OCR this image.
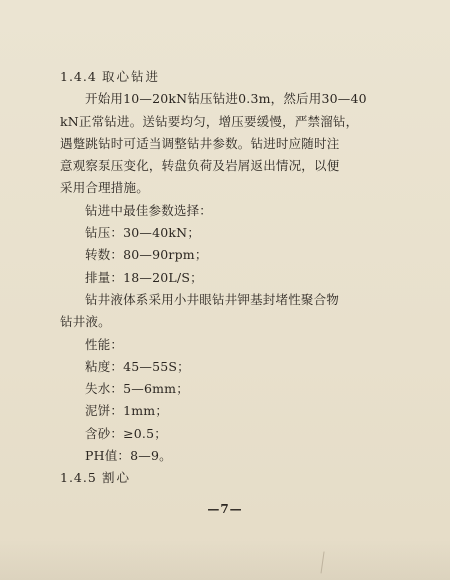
1.4.4 取心钻进
开始用10—20kN钻压钻进0.3m，然后用30—40
kN正常钻进。送钻要均匀，增压要缓慢，严禁溜钻，
遇蹩跳钻时可适当调整钻井参数。钻进时应随时注
意观察泵压变化，转盘负荷及岩屑返出情况，以便
采用合理措施。
钻进中最佳参数选择：
钻压：30—40kN；
转数：80—90rpm；
排量：18—20L/S；
钻井液体系采用小井眼钻井钾基封堵性聚合物
钻井液。
性能：
粘度：45—55S；
失水：5—6mm；
泥饼：1mm；
含砂：≥0.5；
PH值：8—9。
1.4.5 割心
—7—
